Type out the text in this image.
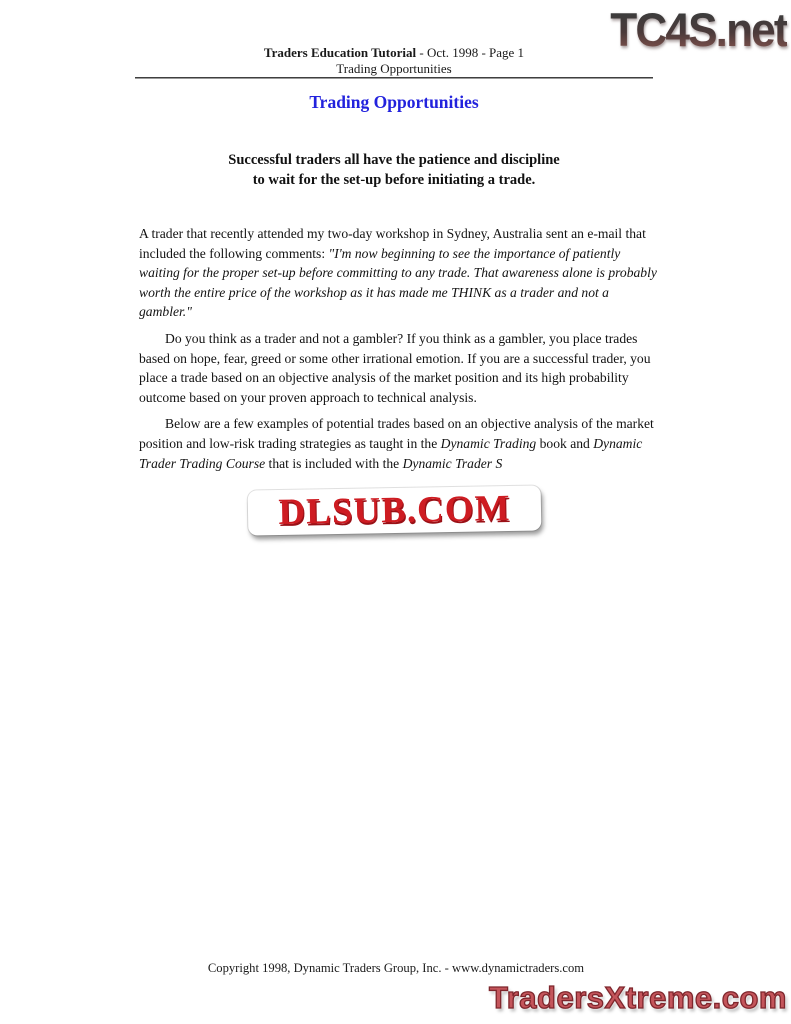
TC4S.net
Traders Education Tutorial - Oct. 1998 - Page 1
Trading Opportunities
Trading Opportunities
Successful traders all have the patience and discipline
to wait for the set-up before initiating a trade.

A trader that recently attended my two-day workshop in Sydney, Australia sent an e-mail that included the following comments: "I'm now beginning to see the importance of patiently waiting for the proper set-up before committing to any trade. That awareness alone is probably worth the entire price of the workshop as it has made me THINK as a trader and not a gambler."

Do you think as a trader and not a gambler? If you think as a gambler, you place trades based on hope, fear, greed or some other irrational emotion. If you are a successful trader, you place a trade based on an objective analysis of the market position and its high probability outcome based on your proven approach to technical analysis.

Below are a few examples of potential trades based on an objective analysis of the market position and low-risk trading strategies as taught in the Dynamic Trading book and Dynamic Trader Trading Course that is included with the Dynamic Trader S

DLSUB.COM
Copyright 1998, Dynamic Traders Group, Inc. - www.dynamictraders.com
TradersXtreme.com
